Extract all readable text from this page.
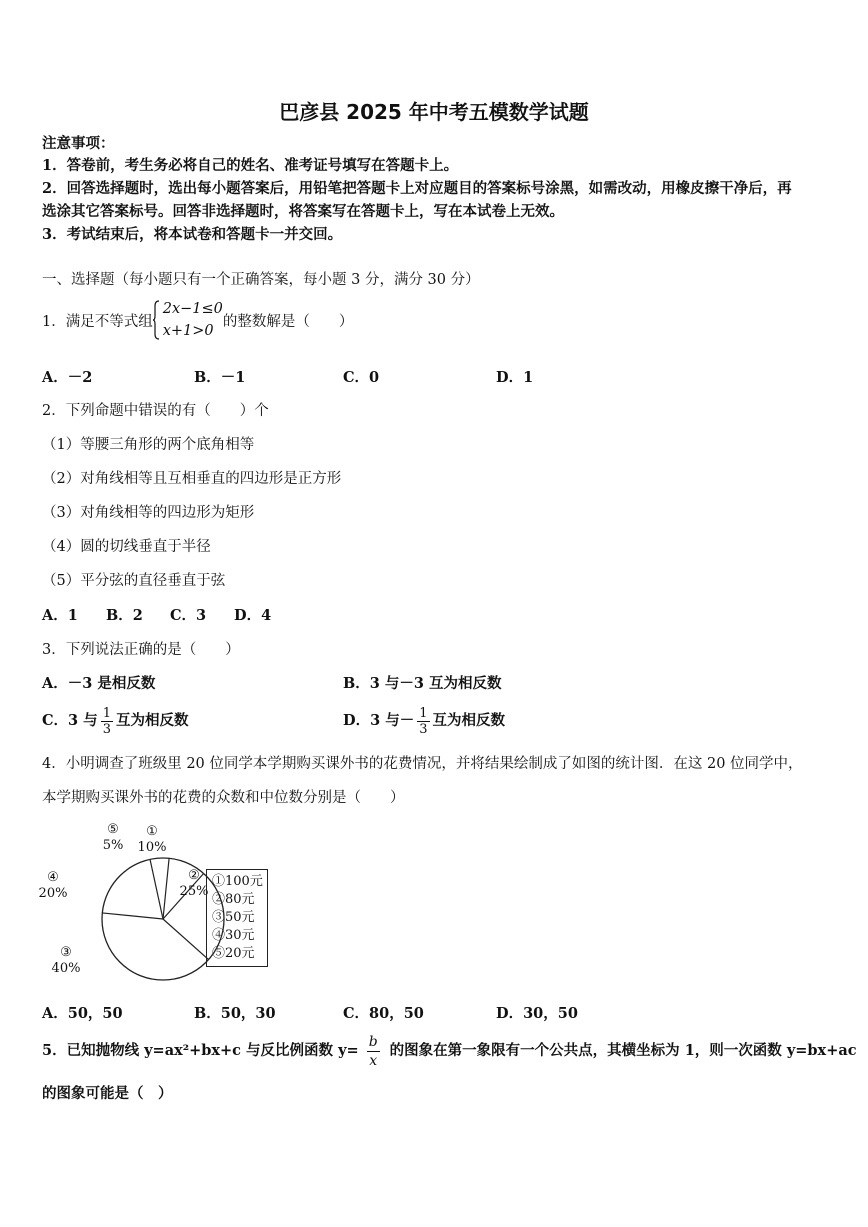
巴彦县 2025 年中考五模数学试题
注意事项：
1．答卷前，考生务必将自己的姓名、准考证号填写在答题卡上。
2．回答选择题时，选出每小题答案后，用铅笔把答题卡上对应题目的答案标号涂黑，如需改动，用橡皮擦干净后，再
选涂其它答案标号。回答非选择题时，将答案写在答题卡上，写在本试卷上无效。
3．考试结束后，将本试卷和答题卡一并交回。
一、选择题（每小题只有一个正确答案，每小题 3 分，满分 30 分）
1．满足不等式组
2x−1≤0
x+1>0
的整数解是（　　）
A．－2	B．－1	C．0	D．1
2．下列命题中错误的有（　　）个
（1）等腰三角形的两个底角相等
（2）对角线相等且互相垂直的四边形是正方形
（3）对角线相等的四边形为矩形
（4）圆的切线垂直于半径
（5）平分弦的直径垂直于弦
A．1 B．2 C．3 D．4
3．下列说法正确的是（　　）
A．－3 是相反数	B．3 与－3 互为相反数
C．3 与 $\frac{1}{3}$ 互为相反数	D．3 与－ $\frac{1}{3}$ 互为相反数
4．小明调查了班级里 20 位同学本学期购买课外书的花费情况，并将结果绘制成了如图的统计图．在这 20 位同学中，
本学期购买课外书的花费的众数和中位数分别是（　　）
⑤
5%
①
10%
②
25%
④
20%
③
40%
①100元
②80元
③50元
④30元
⑤20元
A．50，50	B．50，30	C．80，50	D．30，50
5．已知抛物线 y=ax²+bx+c 与反比例函数 $y= \frac{b}{x}$ 的图象在第一象限有一个公共点，其横坐标为 1，则一次函数 y=bx+ac
的图象可能是（　）
